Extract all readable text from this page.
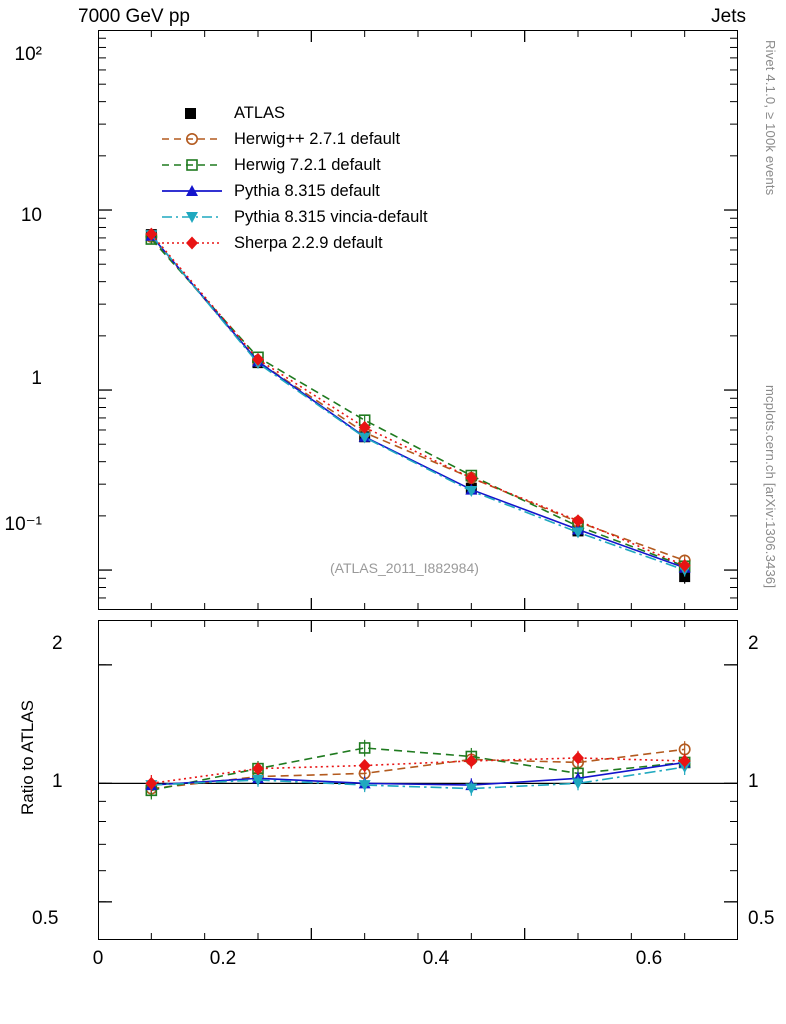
7000 GeV pp	Jets
Rivet 4.1.0, ≥ 100k events
mcplots.cern.ch [arXiv:1306.3436]
10²
10
1
10⁻¹
(ATLAS_2011_I882984)
ATLAS
Herwig++ 2.7.1 default
Herwig 7.2.1 default
Pythia 8.315 default
Pythia 8.315 vincia-default
Sherpa 2.2.9 default
Ratio to ATLAS
2
1
0.5
2
1
0.5
0	0.2	0.4	0.6
